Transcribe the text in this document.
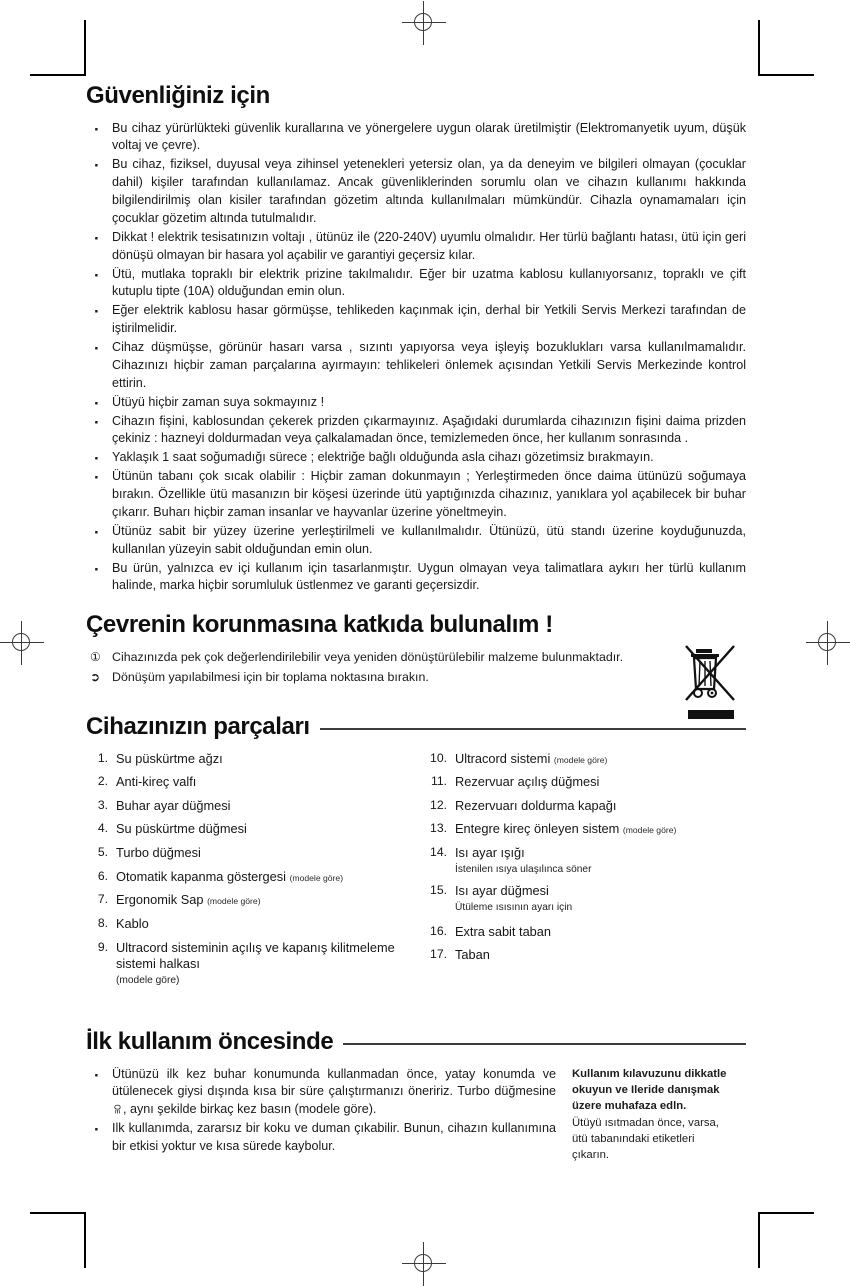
Güvenliğiniz için
· Bu cihaz yürürlükteki güvenlik kurallarına ve yönergelere uygun olarak üretilmiştir (Elektromanyetik uyum, düşük voltaj ve çevre).
· Bu cihaz, fiziksel, duyusal veya zihinsel yetenekleri yetersiz olan, ya da deneyim ve bilgileri olmayan (çocuklar dahil) kişiler tarafından kullanılamaz. Ancak güvenliklerinden sorumlu olan ve cihazın kullanımı hakkında bilgilendirilmiş olan kisiler tarafından gözetim altında kullanılmaları mümkündür. Cihazla oynamamaları için çocuklar gözetim altında tutulmalıdır.
· Dikkat ! elektrik tesisatınızın voltajı , ütünüz ile (220-240V) uyumlu olmalıdır. Her türlü bağlantı hatası, ütü için geri dönüşü olmayan bir hasara yol açabilir ve garantiyi geçersiz kılar.
· Ütü, mutlaka topraklı bir elektrik prizine takılmalıdır. Eğer bir uzatma kablosu kullanıyorsanız, topraklı ve çift kutuplu tipte (10A) olduğundan emin olun.
· Eğer elektrik kablosu hasar görmüşse, tehlikeden kaçınmak için, derhal bir Yetkili Servis Merkezi tarafından de iştirilmelidir.
· Cihaz düşmüşse, görünür hasarı varsa , sızıntı yapıyorsa veya işleyiş bozuklukları varsa kullanılmamalıdır. Cihazınızı hiçbir zaman parçalarına ayırmayın: tehlikeleri önlemek açısından Yetkili Servis Merkezinde kontrol ettirin.
· Ütüyü hiçbir zaman suya sokmayınız !
· Cihazın fişini, kablosundan çekerek prizden çıkarmayınız. Aşağıdaki durumlarda cihazınızın fişini daima prizden çekiniz : hazneyi doldurmadan veya çalkalamadan önce, temizlemeden önce, her kullanım sonrasında .
· Yaklaşık 1 saat soğumadığı sürece ; elektriğe bağlı olduğunda asla cihazı gözetimsiz bırakmayın.
· Ütünün tabanı çok sıcak olabilir : Hiçbir zaman dokunmayın ; Yerleştirmeden önce daima ütünüzü soğumaya bırakın. Özellikle ütü masanızın bir köşesi üzerinde ütü yaptığınızda cihazınız, yanıklara yol açabilecek bir buhar çıkarır. Buharı hiçbir zaman insanlar ve hayvanlar üzerine yöneltmeyin.
· Ütünüz sabit bir yüzey üzerine yerleştirilmeli ve kullanılmalıdır. Ütünüzü, ütü standı üzerine koyduğunuzda, kullanılan yüzeyin sabit olduğundan emin olun.
· Bu ürün, yalnızca ev içi kullanım için tasarlanmıştır. Uygun olmayan veya talimatlara aykırı her türlü kullanım halinde, marka hiçbir sorumluluk üstlenmez ve garanti geçersizdir.
Çevrenin korunmasına katkıda bulunalım !
① Cihazınızda pek çok değerlendirilebilir veya yeniden dönüştürülebilir malzeme bulunmaktadır.
➲ Dönüşüm yapılabilmesi için bir toplama noktasına bırakın.
Cihazınızın parçaları
1. Su püskürtme ağzı
2. Anti-kireç valfı
3. Buhar ayar düğmesi
4. Su püskürtme düğmesi
5. Turbo düğmesi
6. Otomatik kapanma göstergesi (modele göre)
7. Ergonomik Sap (modele göre)
8. Kablo
9. Ultracord sisteminin açılış ve kapanış kilitmeleme sistemi halkası
(modele göre)
10. Ultracord sistemi (modele göre)
11. Rezervuar açılış düğmesi
12. Rezervuarı doldurma kapağı
13. Entegre kireç önleyen sistem (modele göre)
14. Isı ayar ışığı
İstenilen ısıya ulaşılınca söner
15. Isı ayar düğmesi
Ütüleme ısısının ayarı için
16. Extra sabit taban
17. Taban
İlk kullanım öncesinde
· Ütünüzü ilk kez buhar konumunda kullanmadan önce, yatay konumda ve ütülenecek giysi dışında kısa bir süre çalıştırmanızı öneririz. Turbo düğmesine, aynı şekilde birkaç kez basın (modele göre).
· Ilk kullanımda, zararsız bir koku ve duman çıkabilir. Bunun, cihazın kullanımına bir etkisi yoktur ve kısa sürede kaybolur.
Kullanım kılavuzunu dikkatle okuyun ve Ileride danışmak üzere muhafaza edln.
Ütüyü ısıtmadan önce, varsa, ütü tabanındaki etiketleri çıkarın.
